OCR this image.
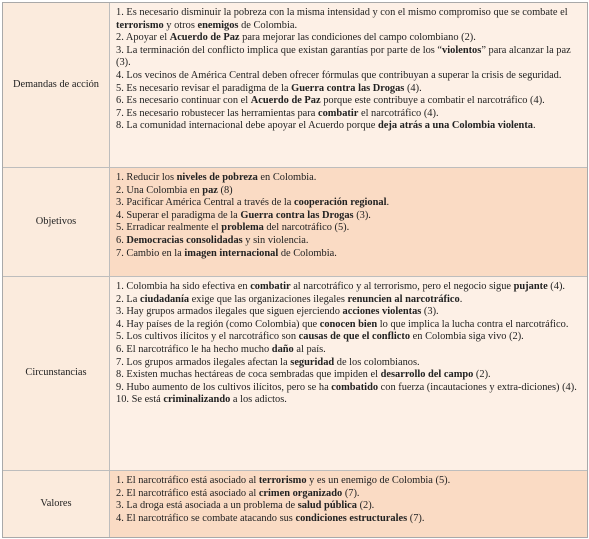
Demandas de acción
1. Es necesario disminuir la pobreza con la misma intensidad y con el mismo compromiso que se combate el terrorismo y otros enemigos de Colombia.
2. Apoyar el Acuerdo de Paz para mejorar las condiciones del campo colombiano (2).
3. La terminación del conflicto implica que existan garantías por parte de los “violentos” para alcanzar la paz (3).
4. Los vecinos de América Central deben ofrecer fórmulas que contribuyan a superar la crisis de seguridad.
5. Es necesario revisar el paradigma de la Guerra contra las Drogas (4).
6. Es necesario continuar con el Acuerdo de Paz porque este contribuye a combatir el narcotráfico (4).
7. Es necesario robustecer las herramientas para combatir el narcotráfico (4).
8. La comunidad internacional debe apoyar el Acuerdo porque deja atrás a una Colombia violenta.
Objetivos
1. Reducir los niveles de pobreza en Colombia.
2. Una Colombia en paz (8)
3. Pacificar América Central a través de la cooperación regional.
4. Superar el paradigma de la Guerra contra las Drogas (3).
5. Erradicar realmente el problema del narcotráfico (5).
6. Democracias consolidadas y sin violencia.
7. Cambio en la imagen internacional de Colombia.
Circunstancias
1. Colombia ha sido efectiva en combatir al narcotráfico y al terrorismo, pero el negocio sigue pujante (4).
2. La ciudadanía exige que las organizaciones ilegales renuncien al narcotráfico.
3. Hay grupos armados ilegales que siguen ejerciendo acciones violentas (3).
4. Hay países de la región (como Colombia) que conocen bien lo que implica la lucha contra el narcotráfico.
5. Los cultivos ilícitos y el narcotráfico son causas de que el conflicto en Colombia siga vivo (2).
6. El narcotráfico le ha hecho mucho daño al país.
7. Los grupos armados ilegales afectan la seguridad de los colombianos.
8. Existen muchas hectáreas de coca sembradas que impiden el desarrollo del campo (2).
9. Hubo aumento de los cultivos ilícitos, pero se ha combatido con fuerza (incautaciones y extra-diciones) (4).
10. Se está criminalizando a los adictos.
Valores
1. El narcotráfico está asociado al terrorismo y es un enemigo de Colombia (5).
2. El narcotráfico está asociado al crimen organizado (7).
3. La droga está asociada a un problema de salud pública (2).
4. El narcotráfico se combate atacando sus condiciones estructurales (7).
